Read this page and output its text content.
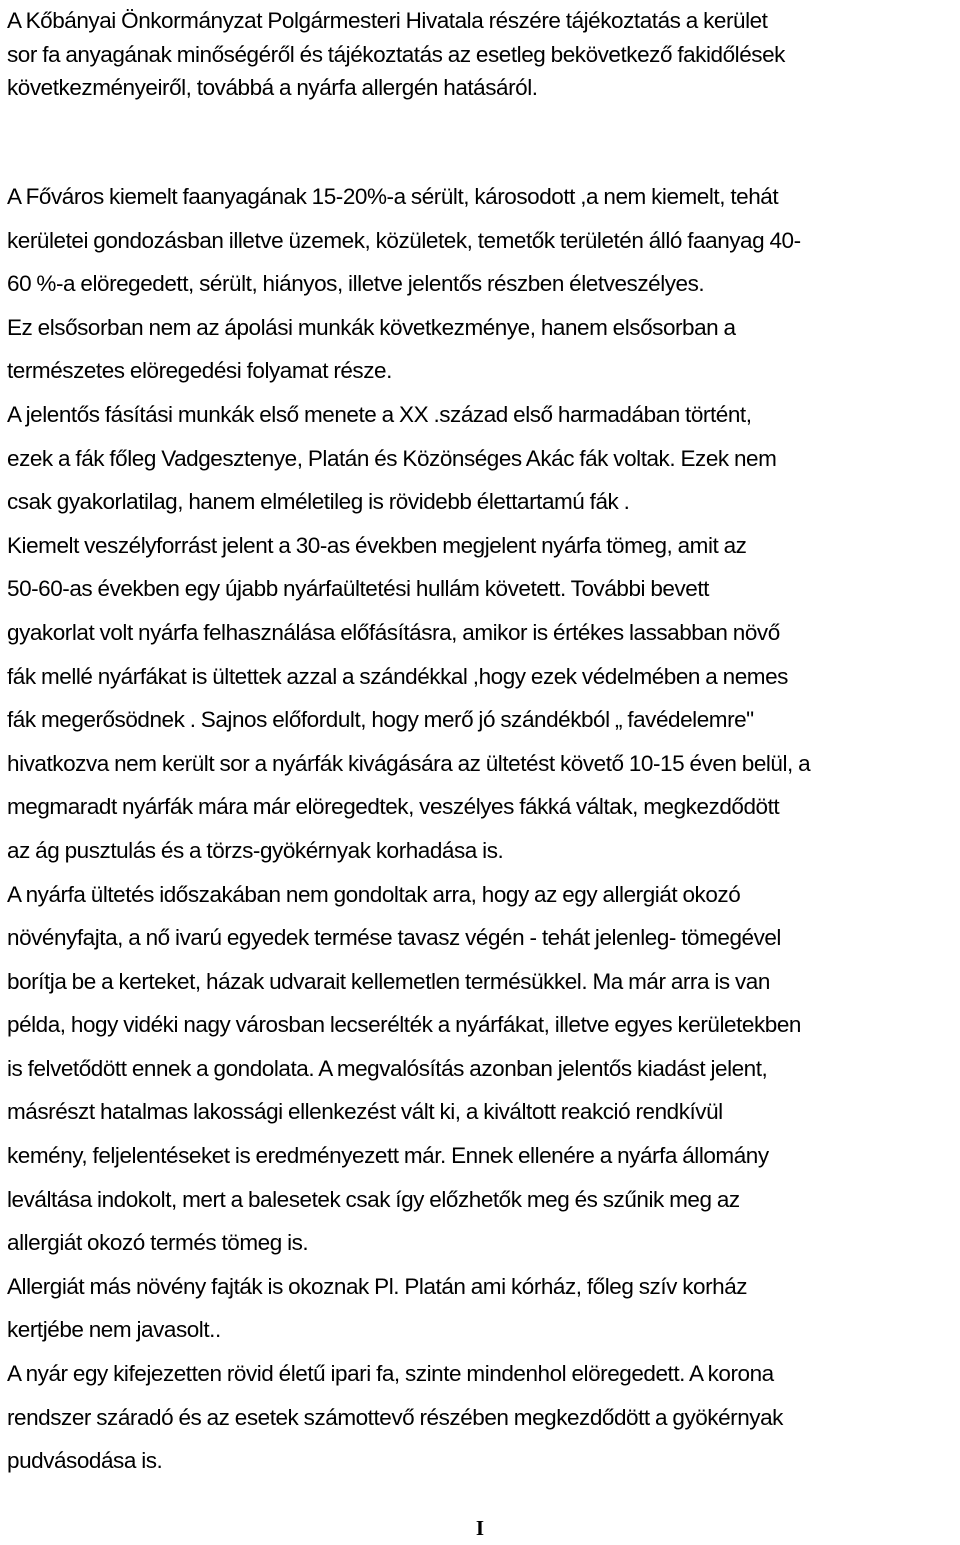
A Kőbányai Önkormányzat Polgármesteri Hivatala részére tájékoztatás a kerület
sor fa anyagának minőségéről és tájékoztatás az esetleg bekövetkező fakidőlések
következményeiről, továbbá a nyárfa allergén hatásáról.
A Főváros kiemelt faanyagának 15-20%-a sérült, károsodott ,a nem kiemelt, tehát
kerületei gondozásban illetve üzemek, közületek, temetők területén álló faanyag 40-
60 %-a elöregedett, sérült, hiányos, illetve jelentős részben életveszélyes.
Ez elsősorban nem az ápolási munkák következménye, hanem elsősorban a
természetes elöregedési folyamat része.
A jelentős fásítási munkák első menete a XX .század első harmadában történt,
ezek a fák főleg Vadgesztenye, Platán és Közönséges Akác fák voltak. Ezek nem
csak gyakorlatilag, hanem elméletileg is rövidebb élettartamú fák .
Kiemelt veszélyforrást jelent a 30-as években megjelent nyárfa tömeg, amit az
50-60-as években egy újabb nyárfaültetési hullám követett. További bevett
gyakorlat volt nyárfa felhasználása előfásításra, amikor is értékes lassabban növő
fák mellé nyárfákat is ültettek azzal a szándékkal ,hogy ezek védelmében a nemes
fák megerősödnek . Sajnos előfordult, hogy merő jó szándékból „ favédelemre"
hivatkozva nem került sor a nyárfák kivágására az ültetést követő 10-15 éven belül, a
megmaradt nyárfák mára már elöregedtek, veszélyes fákká váltak, megkezdődött
az ág pusztulás és a törzs-gyökérnyak korhadása is.
A nyárfa ültetés időszakában nem gondoltak arra, hogy az egy allergiát okozó
növényfajta, a nő ivarú egyedek termése tavasz végén - tehát jelenleg- tömegével
borítja be a kerteket, házak udvarait kellemetlen termésükkel. Ma már arra is van
példa, hogy vidéki nagy városban lecserélték a nyárfákat, illetve egyes kerületekben
is felvetődött ennek a gondolata. A megvalósítás azonban jelentős kiadást jelent,
másrészt hatalmas lakossági ellenkezést vált ki, a kiváltott reakció rendkívül
kemény, feljelentéseket is eredményezett már. Ennek ellenére a nyárfa állomány
leváltása indokolt, mert a balesetek csak így előzhetők meg és szűnik meg az
allergiát okozó termés tömeg is.
Allergiát más növény fajták is okoznak Pl. Platán ami kórház, főleg szív korház
kertjébe nem javasolt..
A nyár egy kifejezetten rövid életű ipari fa, szinte mindenhol elöregedett. A korona
rendszer száradó és az esetek számottevő részében megkezdődött a gyökérnyak
pudvásodása is.
I
